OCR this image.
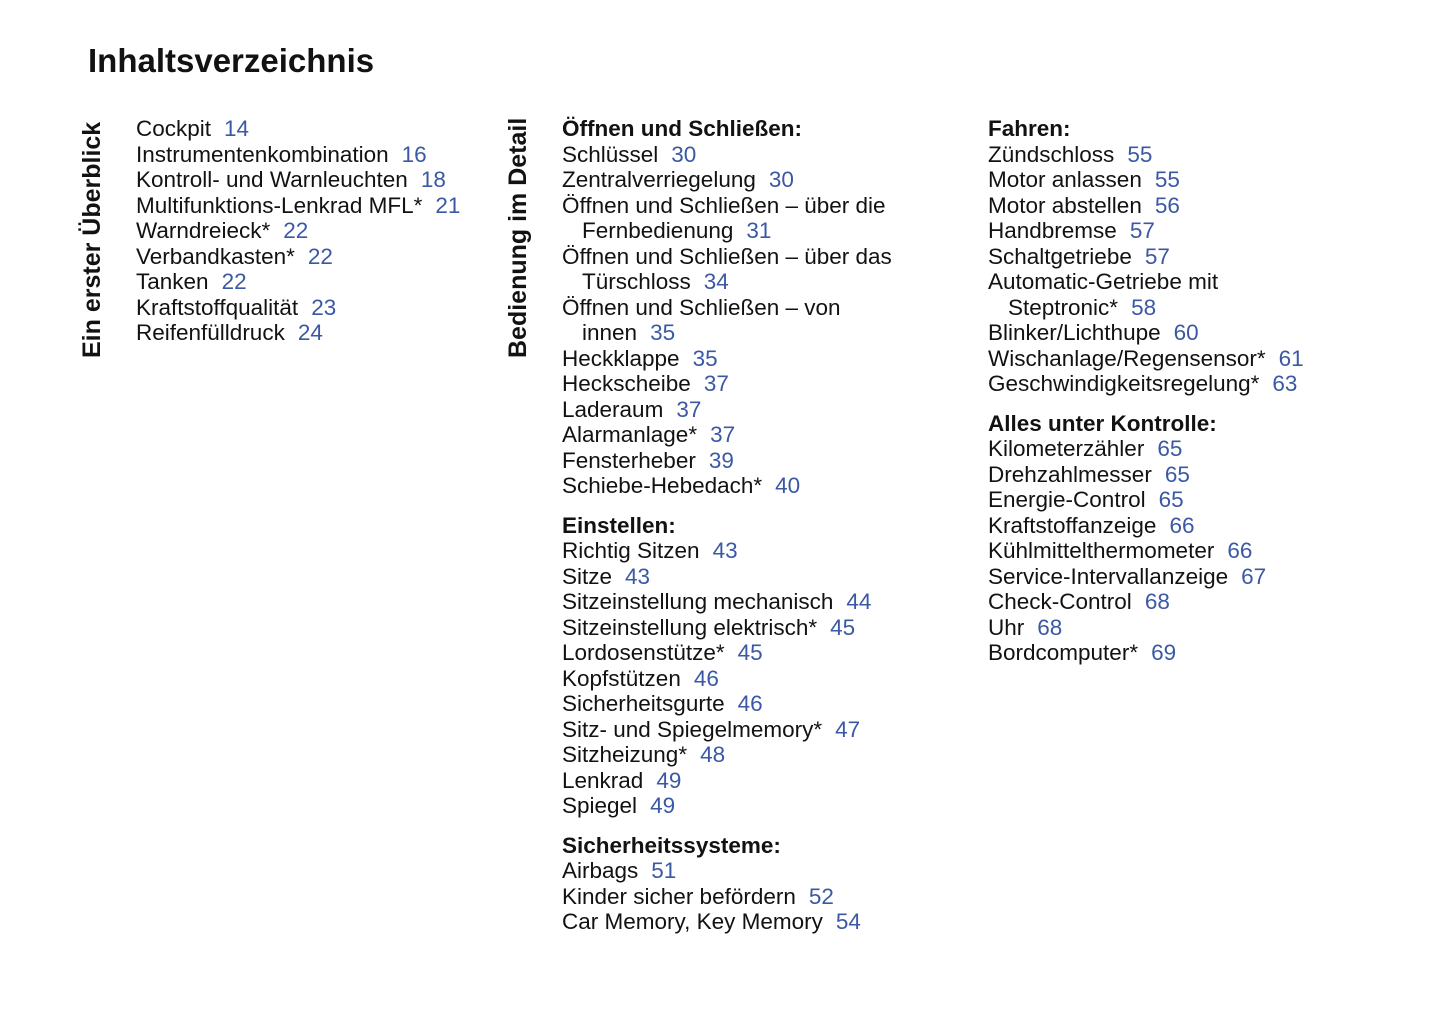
Inhaltsverzeichnis
Ein erster Überblick	Bedienung im Detail
Cockpit 14
Instrumentenkombination 16
Kontroll- und Warnleuchten 18
Multifunktions-Lenkrad MFL* 21
Warndreieck* 22
Verbandkasten* 22
Tanken 22
Kraftstoffqualität 23
Reifenfülldruck 24
Öffnen und Schließen:
Schlüssel 30
Zentralverriegelung 30
Öffnen und Schließen – über die
Fernbedienung 31
Öffnen und Schließen – über das
Türschloss 34
Öffnen und Schließen – von
innen 35
Heckklappe 35
Heckscheibe 37
Laderaum 37
Alarmanlage* 37
Fensterheber 39
Schiebe-Hebedach* 40
Einstellen:
Richtig Sitzen 43
Sitze 43
Sitzeinstellung mechanisch 44
Sitzeinstellung elektrisch* 45
Lordosenstütze* 45
Kopfstützen 46
Sicherheitsgurte 46
Sitz- und Spiegelmemory* 47
Sitzheizung* 48
Lenkrad 49
Spiegel 49
Sicherheitssysteme:
Airbags 51
Kinder sicher befördern 52
Car Memory, Key Memory 54
Fahren:
Zündschloss 55
Motor anlassen 55
Motor abstellen 56
Handbremse 57
Schaltgetriebe 57
Automatic-Getriebe mit
Steptronic* 58
Blinker/Lichthupe 60
Wischanlage/Regensensor* 61
Geschwindigkeitsregelung* 63
Alles unter Kontrolle:
Kilometerzähler 65
Drehzahlmesser 65
Energie-Control 65
Kraftstoffanzeige 66
Kühlmittelthermometer 66
Service-Intervallanzeige 67
Check-Control 68
Uhr 68
Bordcomputer* 69
